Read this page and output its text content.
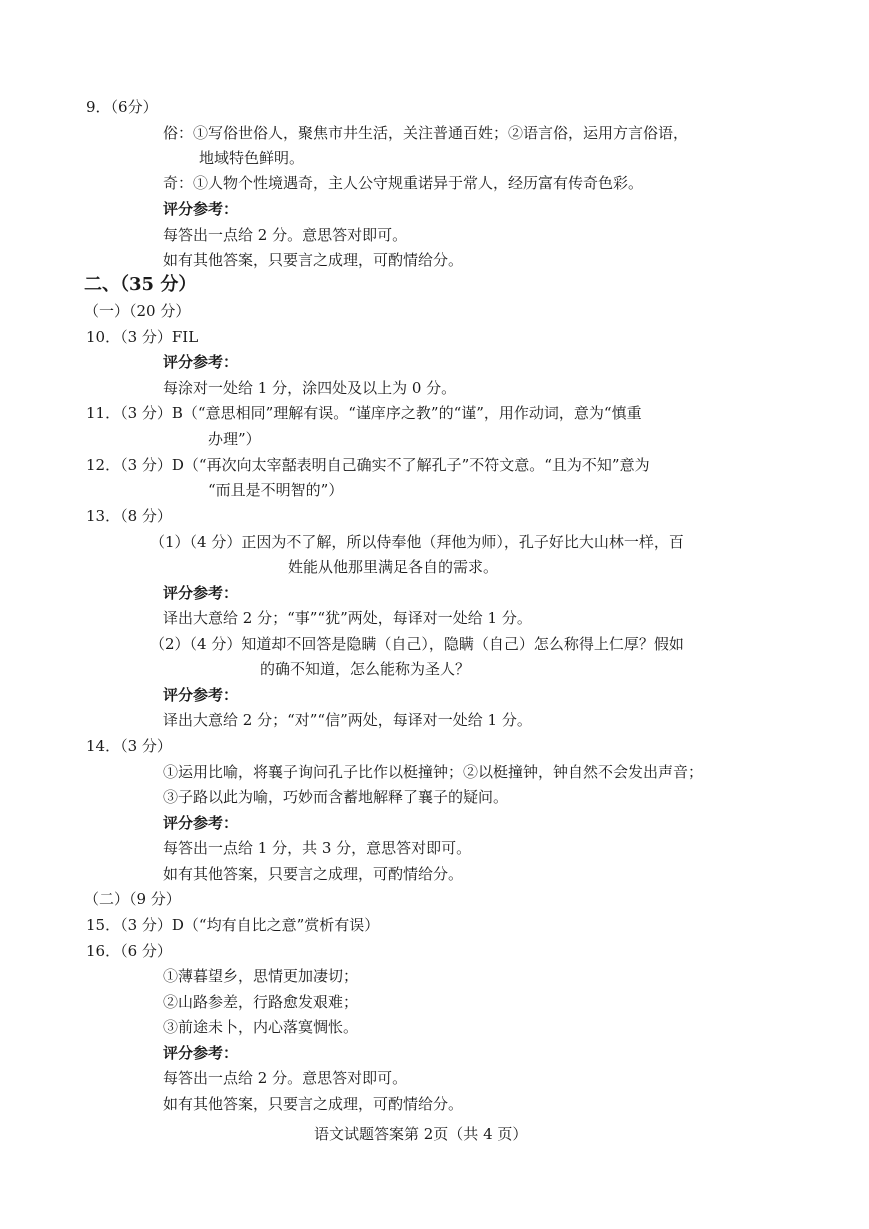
9．（6分）
俗：①写俗世俗人，聚焦市井生活，关注普通百姓；②语言俗，运用方言俗语，
地域特色鲜明。
奇：①人物个性境遇奇，主人公守规重诺异于常人，经历富有传奇色彩。
评分参考：
每答出一点给 2 分。意思答对即可。
如有其他答案，只要言之成理，可酌情给分。
二、（35 分）
（一）（20 分）
10．（3 分）FIL
评分参考：
每涂对一处给 1 分，涂四处及以上为 0 分。
11．（3 分）B（“意思相同”理解有误。“谨庠序之教”的“谨”，用作动词，意为“慎重
办理”）
12．（3 分）D（“再次向太宰嚭表明自己确实不了解孔子”不符文意。“且为不知”意为
“而且是不明智的”）
13．（8 分）
（1）（4 分）正因为不了解，所以侍奉他（拜他为师），孔子好比大山林一样，百
姓能从他那里满足各自的需求。
评分参考：
译出大意给 2 分；“事”“犹”两处，每译对一处给 1 分。
（2）（4 分）知道却不回答是隐瞒（自己），隐瞒（自己）怎么称得上仁厚？假如
的确不知道，怎么能称为圣人？
评分参考：
译出大意给 2 分；“对”“信”两处，每译对一处给 1 分。
14．（3 分）
①运用比喻，将襄子询问孔子比作以梃撞钟；②以梃撞钟，钟自然不会发出声音；
③子路以此为喻，巧妙而含蓄地解释了襄子的疑问。
评分参考：
每答出一点给 1 分，共 3 分，意思答对即可。
如有其他答案，只要言之成理，可酌情给分。
（二）（9 分）
15．（3 分）D（“均有自比之意”赏析有误）
16．（6 分）
①薄暮望乡，思情更加凄切；
②山路参差，行路愈发艰难；
③前途未卜，内心落寞惆怅。
评分参考：
每答出一点给 2 分。意思答对即可。
如有其他答案，只要言之成理，可酌情给分。
语文试题答案第 2页（共 4 页）
